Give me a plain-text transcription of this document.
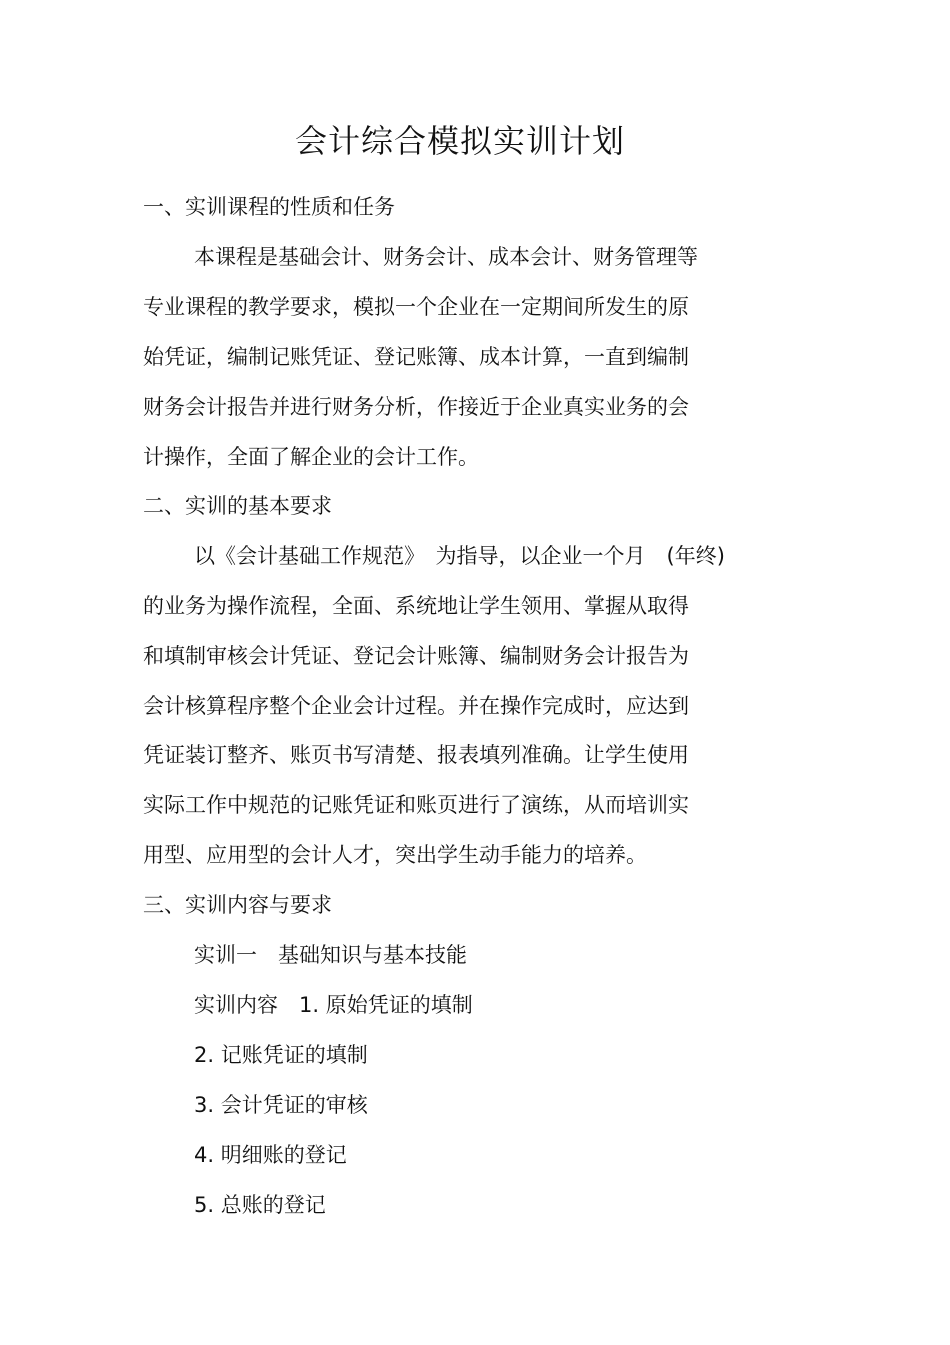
会计综合模拟实训计划
一、实训课程的性质和任务
本课程是基础会计、财务会计、成本会计、财务管理等
专业课程的教学要求，模拟一个企业在一定期间所发生的原
始凭证，编制记账凭证、登记账簿、成本计算，一直到编制
财务会计报告并进行财务分析，作接近于企业真实业务的会
计操作，全面了解企业的会计工作。
二、实训的基本要求
以《会计基础工作规范》　为指导，以企业一个月　(年终)
的业务为操作流程，全面、系统地让学生领用、掌握从取得
和填制审核会计凭证、登记会计账簿、编制财务会计报告为
会计核算程序整个企业会计过程。并在操作完成时，应达到
凭证装订整齐、账页书写清楚、报表填列准确。让学生使用
实际工作中规范的记账凭证和账页进行了演练，从而培训实
用型、应用型的会计人才，突出学生动手能力的培养。
三、实训内容与要求
实训一　基础知识与基本技能
实训内容　1. 原始凭证的填制
2. 记账凭证的填制
3. 会计凭证的审核
4. 明细账的登记
5. 总账的登记
